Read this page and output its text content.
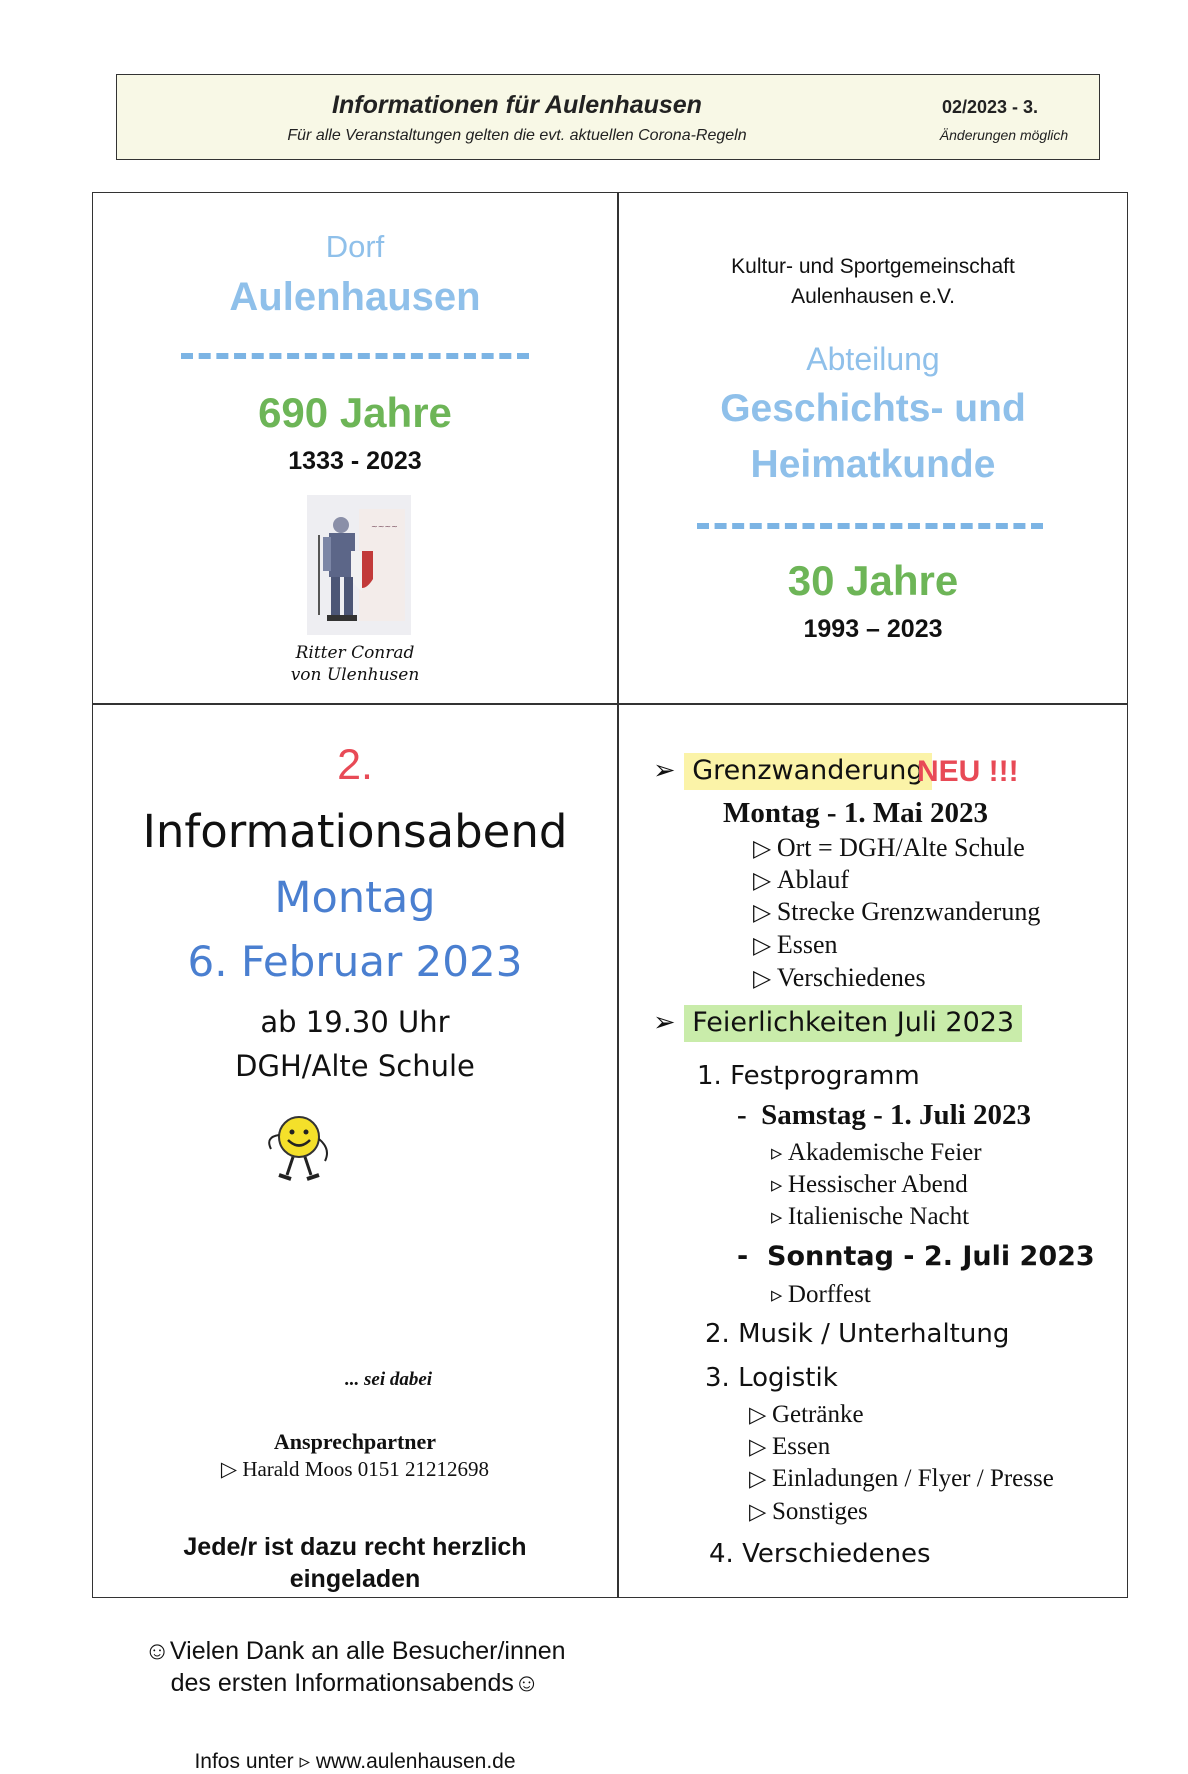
Informationen für Aulenhausen
Für alle Veranstaltungen gelten die evt. aktuellen Corona-Regeln
02/2023 - 3.
Änderungen möglich
Dorf
Aulenhausen
690 Jahre
1333 - 2023
~~~~
Ritter Conrad
von Ulenhusen
Kultur- und Sportgemeinschaft
Aulenhausen e.V.
Abteilung
Geschichts- und
Heimatkunde
30 Jahre
1993 – 2023
2.
Informationsabend
Montag
6. Februar 2023
ab 19.30 Uhr
DGH/Alte Schule
... sei dabei
Ansprechpartner
▷ Harald Moos 0151 21212698
Jede/r ist dazu recht herzlich
eingeladen
☺Vielen Dank an alle Besucher/innen
des ersten Informationsabends☺
Infos unter ▹ www.aulenhausen.de
➢ Grenzwanderung
NEU !!!
Montag - 1. Mai 2023
▷ Ort = DGH/Alte Schule
▷ Ablauf
▷ Strecke Grenzwanderung
▷ Essen
▷ Verschiedenes
➢ Feierlichkeiten Juli 2023
1. Festprogramm
-  Samstag - 1. Juli 2023
▹ Akademische Feier
▹ Hessischer Abend
▹ Italienische Nacht
-  Sonntag - 2. Juli 2023
▹ Dorffest
2. Musik / Unterhaltung
3. Logistik
▷ Getränke
▷ Essen
▷ Einladungen / Flyer / Presse
▷ Sonstiges
4. Verschiedenes
